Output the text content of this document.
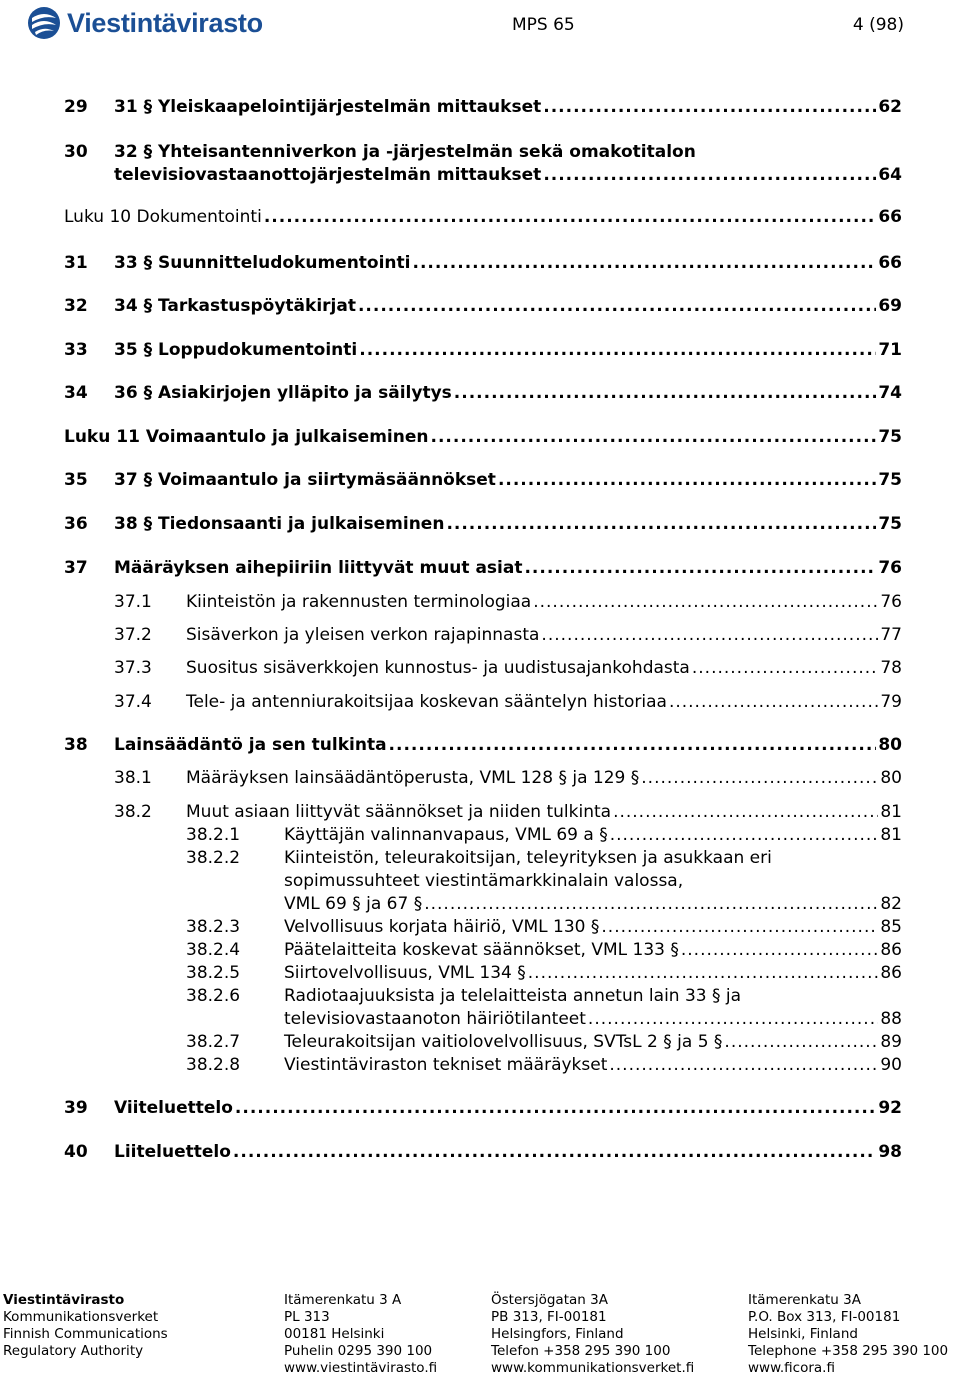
Viestintävirasto	MPS 65	4 (98)
29 31 § Yleiskaapelointijärjestelmän mittaukset .....	62
30 32 § Yhteisantenniverkon ja -järjestelmän sekä omakotitalon
televisiovastaanottojärjestelmän mittaukset .....	64
Luku 10 Dokumentointi .....	66
31 33 § Suunnitteludokumentointi .....	66
32 34 § Tarkastuspöytäkirjat .....	69
33 35 § Loppudokumentointi .....	71
34 36 § Asiakirjojen ylläpito ja säilytys .....	74
Luku 11 Voimaantulo ja julkaiseminen .....	75
35 37 § Voimaantulo ja siirtymäsäännökset .....	75
36 38 § Tiedonsaanti ja julkaiseminen .....	75
37 Määräyksen aihepiiriin liittyvät muut asiat .....	76
37.1 Kiinteistön ja rakennusten terminologiaa .....	76
37.2 Sisäverkon ja yleisen verkon rajapinnasta .....	77
37.3 Suositus sisäverkkojen kunnostus- ja uudistusajankohdasta .....	78
37.4 Tele- ja antenniurakoitsijaa koskevan sääntelyn historiaa .....	79
38 Lainsäädäntö ja sen tulkinta .....	80
38.1 Määräyksen lainsäädäntöperusta, VML 128 § ja 129 § .....	80
38.2 Muut asiaan liittyvät säännökset ja niiden tulkinta .....	81
38.2.1	Käyttäjän valinnanvapaus, VML 69 a § .....	81
38.2.2	Kiinteistön, teleurakoitsijan, teleyrityksen ja asukkaan eri
sopimussuhteet viestintämarkkinalain valossa,
VML 69 § ja 67 § .....	82
38.2.3	Velvollisuus korjata häiriö, VML 130 § .....	85
38.2.4	Päätelaitteita koskevat säännökset, VML 133 § .....	86
38.2.5	Siirtovelvollisuus, VML 134 § .....	86
38.2.6	Radiotaajuuksista ja telelaitteista annetun lain 33 § ja
televisiovastaanoton häiriötilanteet .....	88
38.2.7	Teleurakoitsijan vaitiolovelvollisuus, SVTsL 2 § ja 5 § .....	89
38.2.8	Viestintäviraston tekniset määräykset .....	90
39 Viiteluettelo .....	92
40 Liiteluettelo .....	98
Viestintävirasto
Kommunikationsverket
Finnish Communications
Regulatory Authority
Itämerenkatu 3 A
PL 313
00181 Helsinki
Puhelin 0295 390 100
www.viestintävirasto.fi
Östersjögatan 3A
PB 313, FI-00181
Helsingfors, Finland
Telefon +358 295 390 100
www.kommunikationsverket.fi
Itämerenkatu 3A
P.O. Box 313, FI-00181
Helsinki, Finland
Telephone +358 295 390 100
www.ficora.fi
